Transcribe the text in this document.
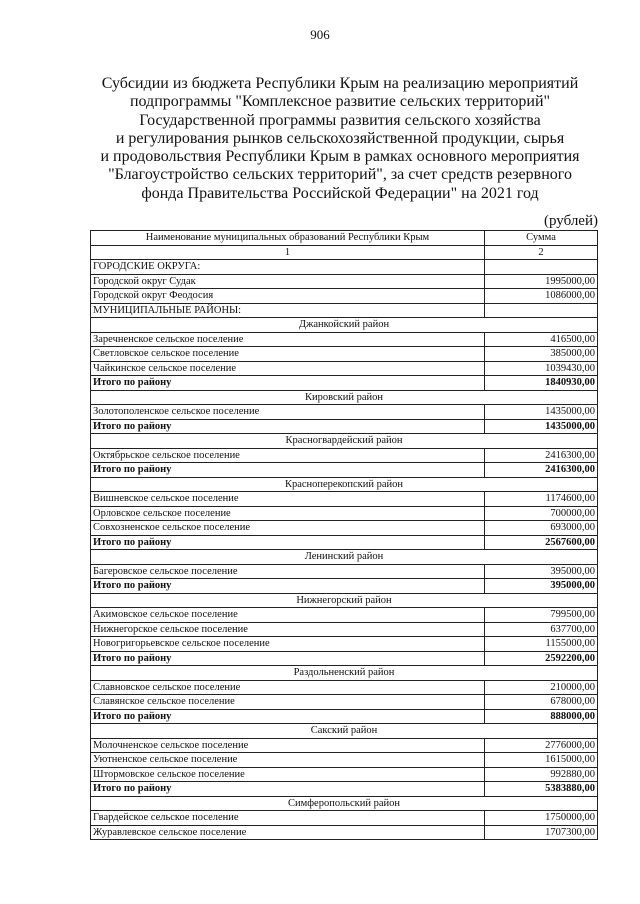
906
Субсидии из бюджета Республики Крым на реализацию мероприятий
подпрограммы "Комплексное развитие сельских территорий"
Государственной программы развития сельского хозяйства
и регулирования рынков сельскохозяйственной продукции, сырья
и продовольствия Республики Крым в рамках основного мероприятия
"Благоустройство сельских территорий", за счет средств резервного
фонда Правительства Российской Федерации" на 2021 год
(рублей)
Наименование муниципальных образований Республики Крым	Сумма
1	2
ГОРОДСКИЕ ОКРУГА:	
Городской округ Судак	1995000,00
Городской округ Феодосия	1086000,00
МУНИЦИПАЛЬНЫЕ РАЙОНЫ:	
Джанкойский район	
Заречненское сельское поселение	416500,00
Светловское сельское поселение	385000,00
Чайкинское сельское поселение	1039430,00
Итого по району	1840930,00
Кировский район	
Золотополенское сельское поселение	1435000,00
Итого по району	1435000,00
Красногвардейский район	
Октябрьское сельское поселение	2416300,00
Итого по району	2416300,00
Красноперекопский район	
Вишневское сельское поселение	1174600,00
Орловское сельское поселение	700000,00
Совхозненское сельское поселение	693000,00
Итого по району	2567600,00
Ленинский район	
Багеровское сельское поселение	395000,00
Итого по району	395000,00
Нижнегорский район	
Акимовское сельское поселение	799500,00
Нижнегорское сельское поселение	637700,00
Новогригорьевское сельское поселение	1155000,00
Итого по району	2592200,00
Раздольненский район	
Славновское сельское поселение	210000,00
Славянское сельское поселение	678000,00
Итого по району	888000,00
Сакский район	
Молочненское сельское поселение	2776000,00
Уютненское сельское поселение	1615000,00
Штормовское сельское поселение	992880,00
Итого по району	5383880,00
Симферопольский район	
Гвардейское сельское поселение	1750000,00
Журавлевское сельское поселение	1707300,00
